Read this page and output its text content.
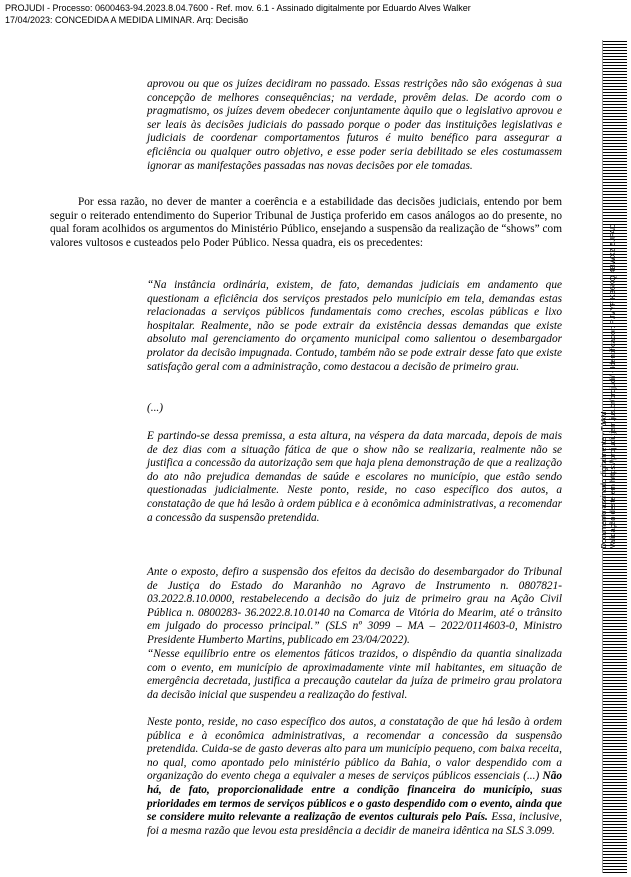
PROJUDI - Processo: 0600463-94.2023.8.04.7600 - Ref. mov. 6.1 - Assinado digitalmente por Eduardo Alves Walker
17/04/2023: CONCEDIDA A MEDIDA LIMINAR. Arq: Decisão
Documento assinado digitalmente - TJAM Validação deste em https://projudi.tjam.jus.br/projudi/ - Identificador: PJVYF K36KQ 4BWXZ 5JFAD
aprovou ou que os juízes decidiram no passado. Essas restrições não são exógenas à sua concepção de melhores consequências; na verdade, provêm delas. De acordo com o pragmatismo, os juízes devem obedecer conjuntamente àquilo que o legislativo aprovou e ser leais às decisões judiciais do passado porque o poder das instituições legislativas e judiciais de coordenar comportamentos futuros é muito benéfico para assegurar a eficiência ou qualquer outro objetivo, e esse poder seria debilitado se eles costumassem ignorar as manifestações passadas nas novas decisões por ele tomadas.
Por essa razão, no dever de manter a coerência e a estabilidade das decisões judiciais, entendo por bem seguir o reiterado entendimento do Superior Tribunal de Justiça proferido em casos análogos ao do presente, no qual foram acolhidos os argumentos do Ministério Público, ensejando a suspensão da realização de “shows” com valores vultosos e custeados pelo Poder Público. Nessa quadra, eis os precedentes:
“Na instância ordinária, existem, de fato, demandas judiciais em andamento que questionam a eficiência dos serviços prestados pelo município em tela, demandas estas relacionadas a serviços públicos fundamentais como creches, escolas públicas e lixo hospitalar. Realmente, não se pode extrair da existência dessas demandas que existe absoluto mal gerenciamento do orçamento municipal como salientou o desembargador prolator da decisão impugnada. Contudo, também não se pode extrair desse fato que existe satisfação geral com a administração, como destacou a decisão de primeiro grau.
(...)
E partindo-se dessa premissa, a esta altura, na véspera da data marcada, depois de mais de dez dias com a situação fática de que o show não se realizaria, realmente não se justifica a concessão da autorização sem que haja plena demonstração de que a realização do ato não prejudica demandas de saúde e escolares no município, que estão sendo questionadas judicialmente. Neste ponto, reside, no caso específico dos autos, a constatação de que há lesão à ordem pública e à econômica administrativas, a recomendar a concessão da suspensão pretendida.
Ante o exposto, defiro a suspensão dos efeitos da decisão do desembargador do Tribunal de Justiça do Estado do Maranhão no Agravo de Instrumento n. 0807821-03.2022.8.10.0000, restabelecendo a decisão do juiz de primeiro grau na Ação Civil Pública n. 0800283- 36.2022.8.10.0140 na Comarca de Vitória do Mearim, até o trânsito em julgado do processo principal.” (SLS nº 3099 – MA – 2022/0114603-0, Ministro Presidente Humberto Martins, publicado em 23/04/2022).
“Nesse equilíbrio entre os elementos fáticos trazidos, o dispêndio da quantia sinalizada com o evento, em município de aproximadamente vinte mil habitantes, em situação de emergência decretada, justifica a precaução cautelar da juíza de primeiro grau prolatora da decisão inicial que suspendeu a realização do festival.
Neste ponto, reside, no caso específico dos autos, a constatação de que há lesão à ordem pública e à econômica administrativas, a recomendar a concessão da suspensão pretendida. Cuida-se de gasto deveras alto para um município pequeno, com baixa receita, no qual, como apontado pelo ministério público da Bahia, o valor despendido com a organização do evento chega a equivaler a meses de serviços públicos essenciais (...) Não há, de fato, proporcionalidade entre a condição financeira do município, suas prioridades em termos de serviços públicos e o gasto despendido com o evento, ainda que se considere muito relevante a realização de eventos culturais pelo País. Essa, inclusive, foi a mesma razão que levou esta presidência a decidir de maneira idêntica na SLS 3.099.
